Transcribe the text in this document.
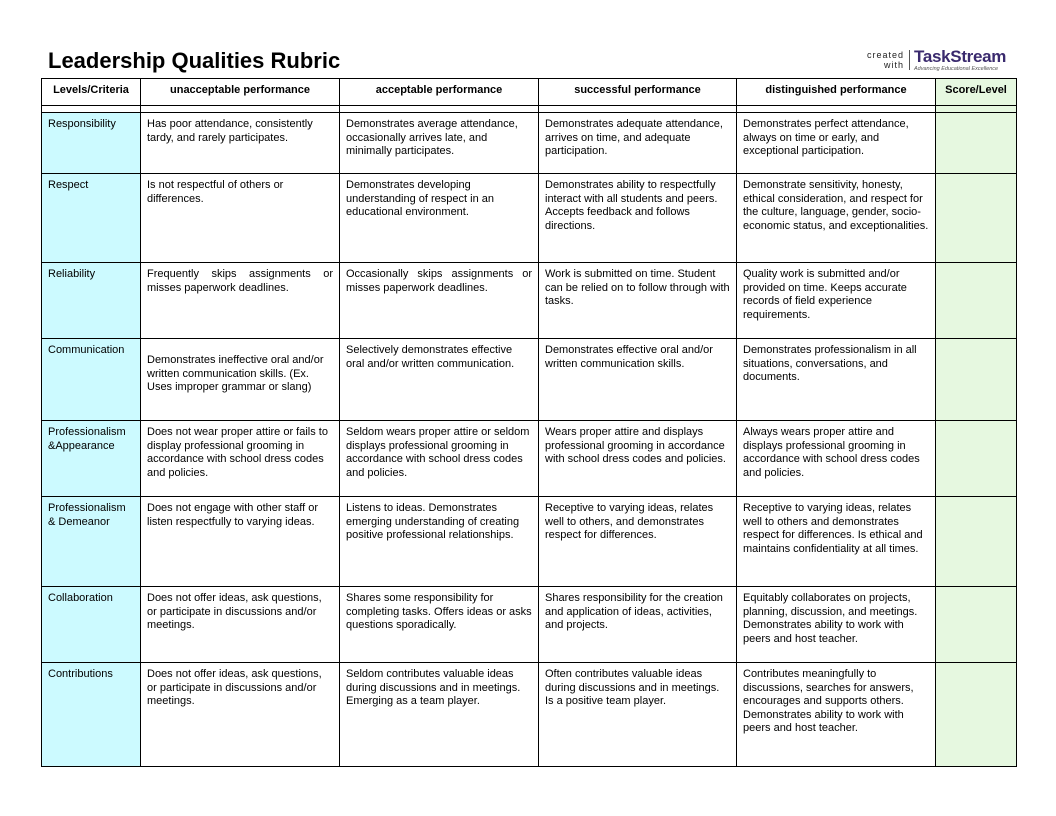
Leadership Qualities Rubric	created with TaskStream
Advancing Educational Excellence
Levels/Criteria	unacceptable performance	acceptable performance	successful performance	distinguished performance	Score/Level

Responsibility	Has poor attendance, consistently tardy, and rarely participates.	Demonstrates average attendance, occasionally arrives late, and minimally participates.	Demonstrates adequate attendance, arrives on time, and adequate participation.	Demonstrates perfect attendance, always on time or early, and exceptional participation.	
Respect	Is not respectful of others or differences.	Demonstrates developing understanding of respect in an educational environment.	Demonstrates ability to respectfully interact with all students and peers. Accepts feedback and follows directions.	Demonstrate sensitivity, honesty, ethical consideration, and respect for the culture, language, gender, socio-economic status, and exceptionalities.	
Reliability	Frequently skips assignments or misses paperwork deadlines.	Occasionally skips assignments or misses paperwork deadlines.	Work is submitted on time. Student can be relied on to follow through with tasks.	Quality work is submitted and/or provided on time. Keeps accurate records of field experience requirements.	
Communication	Demonstrates ineffective oral and/or written communication skills. (Ex. Uses improper grammar or slang)	Selectively demonstrates effective oral and/or written communication.	Demonstrates effective oral and/or written communication skills.	Demonstrates professionalism in all situations, conversations, and documents.	
Professionalism &Appearance	Does not wear proper attire or fails to display professional grooming in accordance with school dress codes and policies.	Seldom wears proper attire or seldom displays professional grooming in accordance with school dress codes and policies.	Wears proper attire and displays professional grooming in accordance with school dress codes and policies.	Always wears proper attire and displays professional grooming in accordance with school dress codes and policies.	
Professionalism & Demeanor	Does not engage with other staff or listen respectfully to varying ideas.	Listens to ideas. Demonstrates emerging understanding of creating positive professional relationships.	Receptive to varying ideas, relates well to others, and demonstrates respect for differences.	Receptive to varying ideas, relates well to others and demonstrates respect for differences. Is ethical and maintains confidentiality at all times.	
Collaboration	Does not offer ideas, ask questions, or participate in discussions and/or meetings.	Shares some responsibility for completing tasks. Offers ideas or asks questions sporadically.	Shares responsibility for the creation and application of ideas, activities, and projects.	Equitably collaborates on projects, planning, discussion, and meetings. Demonstrates ability to work with peers and host teacher.	
Contributions	Does not offer ideas, ask questions, or participate in discussions and/or meetings.	Seldom contributes valuable ideas during discussions and in meetings. Emerging as a team player.	Often contributes valuable ideas during discussions and in meetings. Is a positive team player.	Contributes meaningfully to discussions, searches for answers, encourages and supports others. Demonstrates ability to work with peers and host teacher.	
